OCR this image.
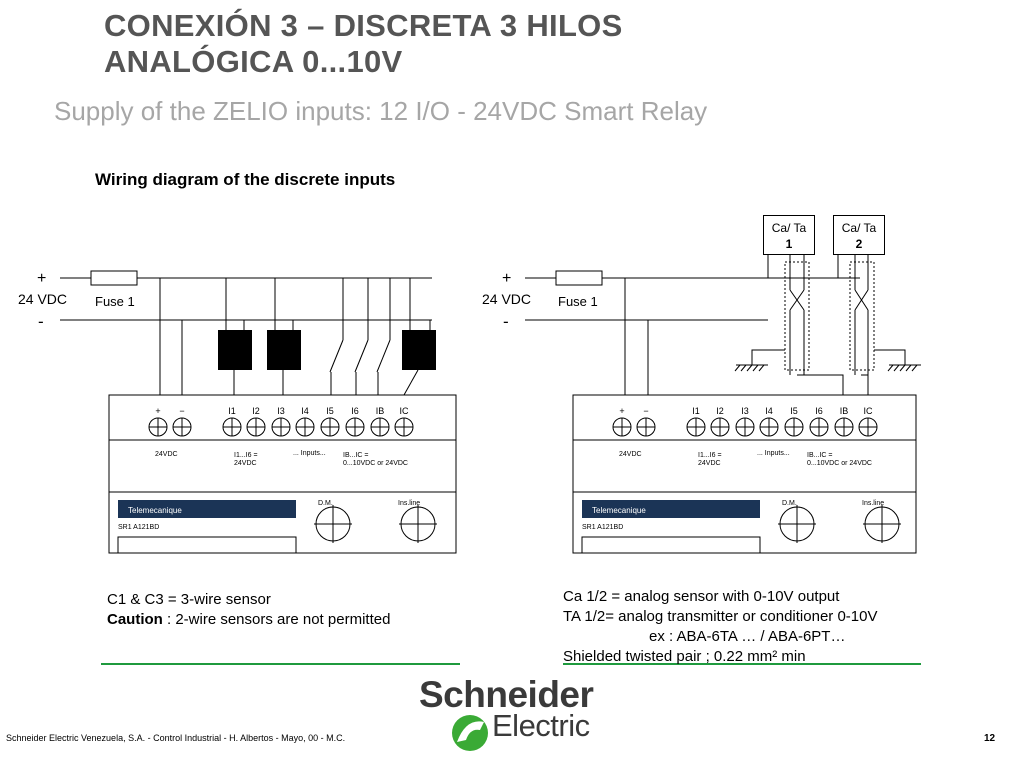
CONEXIÓN 3 – DISCRETA 3 HILOS
ANALÓGICA 0...10V
Supply of the ZELIO inputs: 12 I/O - 24VDC Smart Relay
Wiring diagram of the discrete inputs
+
24 VDC
-
Fuse 1
+
24 VDC
-
Fuse 1
Ca/ Ta
1
Ca/ Ta
2
+ −	I1 I2 I3 I4 I5 I6 IB IC
Telemecanique
SR1 A121BD
D.M.	Ins.line
24VDC	I1...I6 =
24VDC
... Inputs... IB...IC =
0...10VDC or 24VDC
+ −	I1 I2 I3 I4 I5 I6 IB IC
Telemecanique
SR1 A121BD
D.M.	Ins.line
24VDC	I1...I6 =
24VDC
... Inputs... IB...IC =
0...10VDC or 24VDC
C1 & C3 = 3-wire sensor
Caution : 2-wire sensors are not permitted
Ca 1/2 = analog sensor with 0-10V output
TA 1/2= analog transmitter or conditioner 0-10V
ex : ABA-6TA … / ABA-6PT…
Shielded twisted pair ; 0.22 mm² min
Schneider
Electric
Schneider Electric Venezuela, S.A. - Control Industrial - H. Albertos - Mayo, 00 - M.C.	12
